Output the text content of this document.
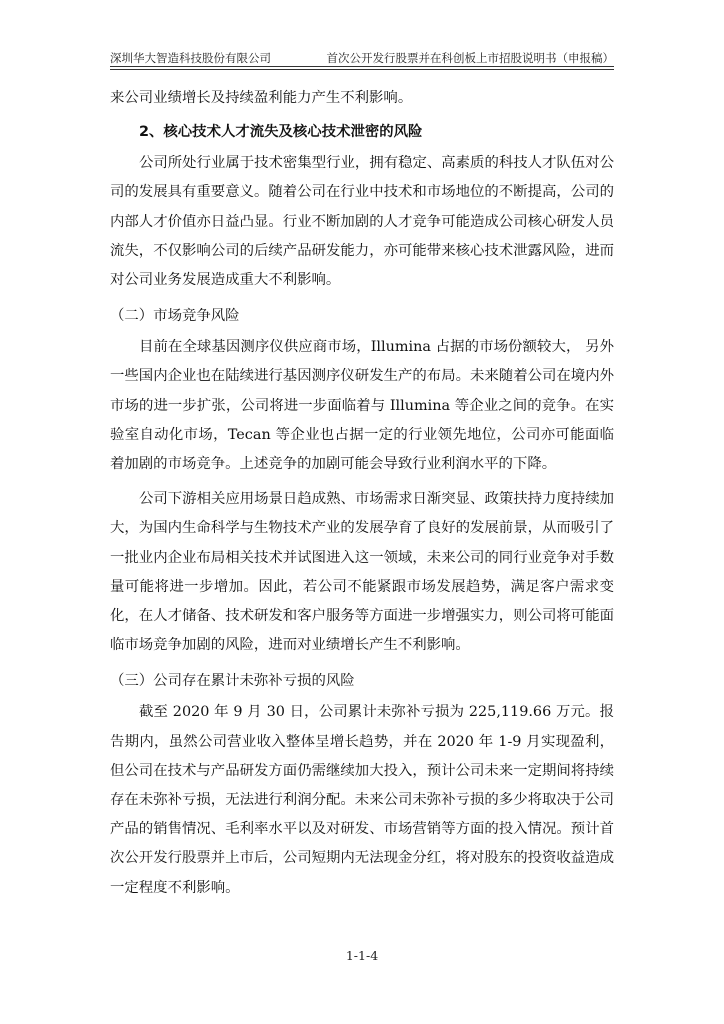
深圳华大智造科技股份有限公司	首次公开发行股票并在科创板上市招股说明书（申报稿）

来公司业绩增长及持续盈利能力产生不利影响。

2、核心技术人才流失及核心技术泄密的风险

公司所处行业属于技术密集型行业，拥有稳定、高素质的科技人才队伍对公司的发展具有重要意义。随着公司在行业中技术和市场地位的不断提高，公司的内部人才价值亦日益凸显。行业不断加剧的人才竞争可能造成公司核心研发人员流失，不仅影响公司的后续产品研发能力，亦可能带来核心技术泄露风险，进而对公司业务发展造成重大不利影响。

（二）市场竞争风险

目前在全球基因测序仪供应商市场，Illumina 占据的市场份额较大， 另外一些国内企业也在陆续进行基因测序仪研发生产的布局。未来随着公司在境内外市场的进一步扩张，公司将进一步面临着与 Illumina 等企业之间的竞争。在实验室自动化市场，Tecan 等企业也占据一定的行业领先地位，公司亦可能面临着加剧的市场竞争。上述竞争的加剧可能会导致行业利润水平的下降。

公司下游相关应用场景日趋成熟、市场需求日渐突显、政策扶持力度持续加大，为国内生命科学与生物技术产业的发展孕育了良好的发展前景，从而吸引了一批业内企业布局相关技术并试图进入这一领域，未来公司的同行业竞争对手数量可能将进一步增加。因此，若公司不能紧跟市场发展趋势，满足客户需求变化，在人才储备、技术研发和客户服务等方面进一步增强实力，则公司将可能面临市场竞争加剧的风险，进而对业绩增长产生不利影响。

（三）公司存在累计未弥补亏损的风险

截至 2020 年 9 月 30 日，公司累计未弥补亏损为 225,119.66 万元。报告期内，虽然公司营业收入整体呈增长趋势，并在 2020 年 1-9 月实现盈利，但公司在技术与产品研发方面仍需继续加大投入，预计公司未来一定期间将持续存在未弥补亏损，无法进行利润分配。未来公司未弥补亏损的多少将取决于公司产品的销售情况、毛利率水平以及对研发、市场营销等方面的投入情况。预计首次公开发行股票并上市后，公司短期内无法现金分红，将对股东的投资收益造成一定程度不利影响。

1-1-4
